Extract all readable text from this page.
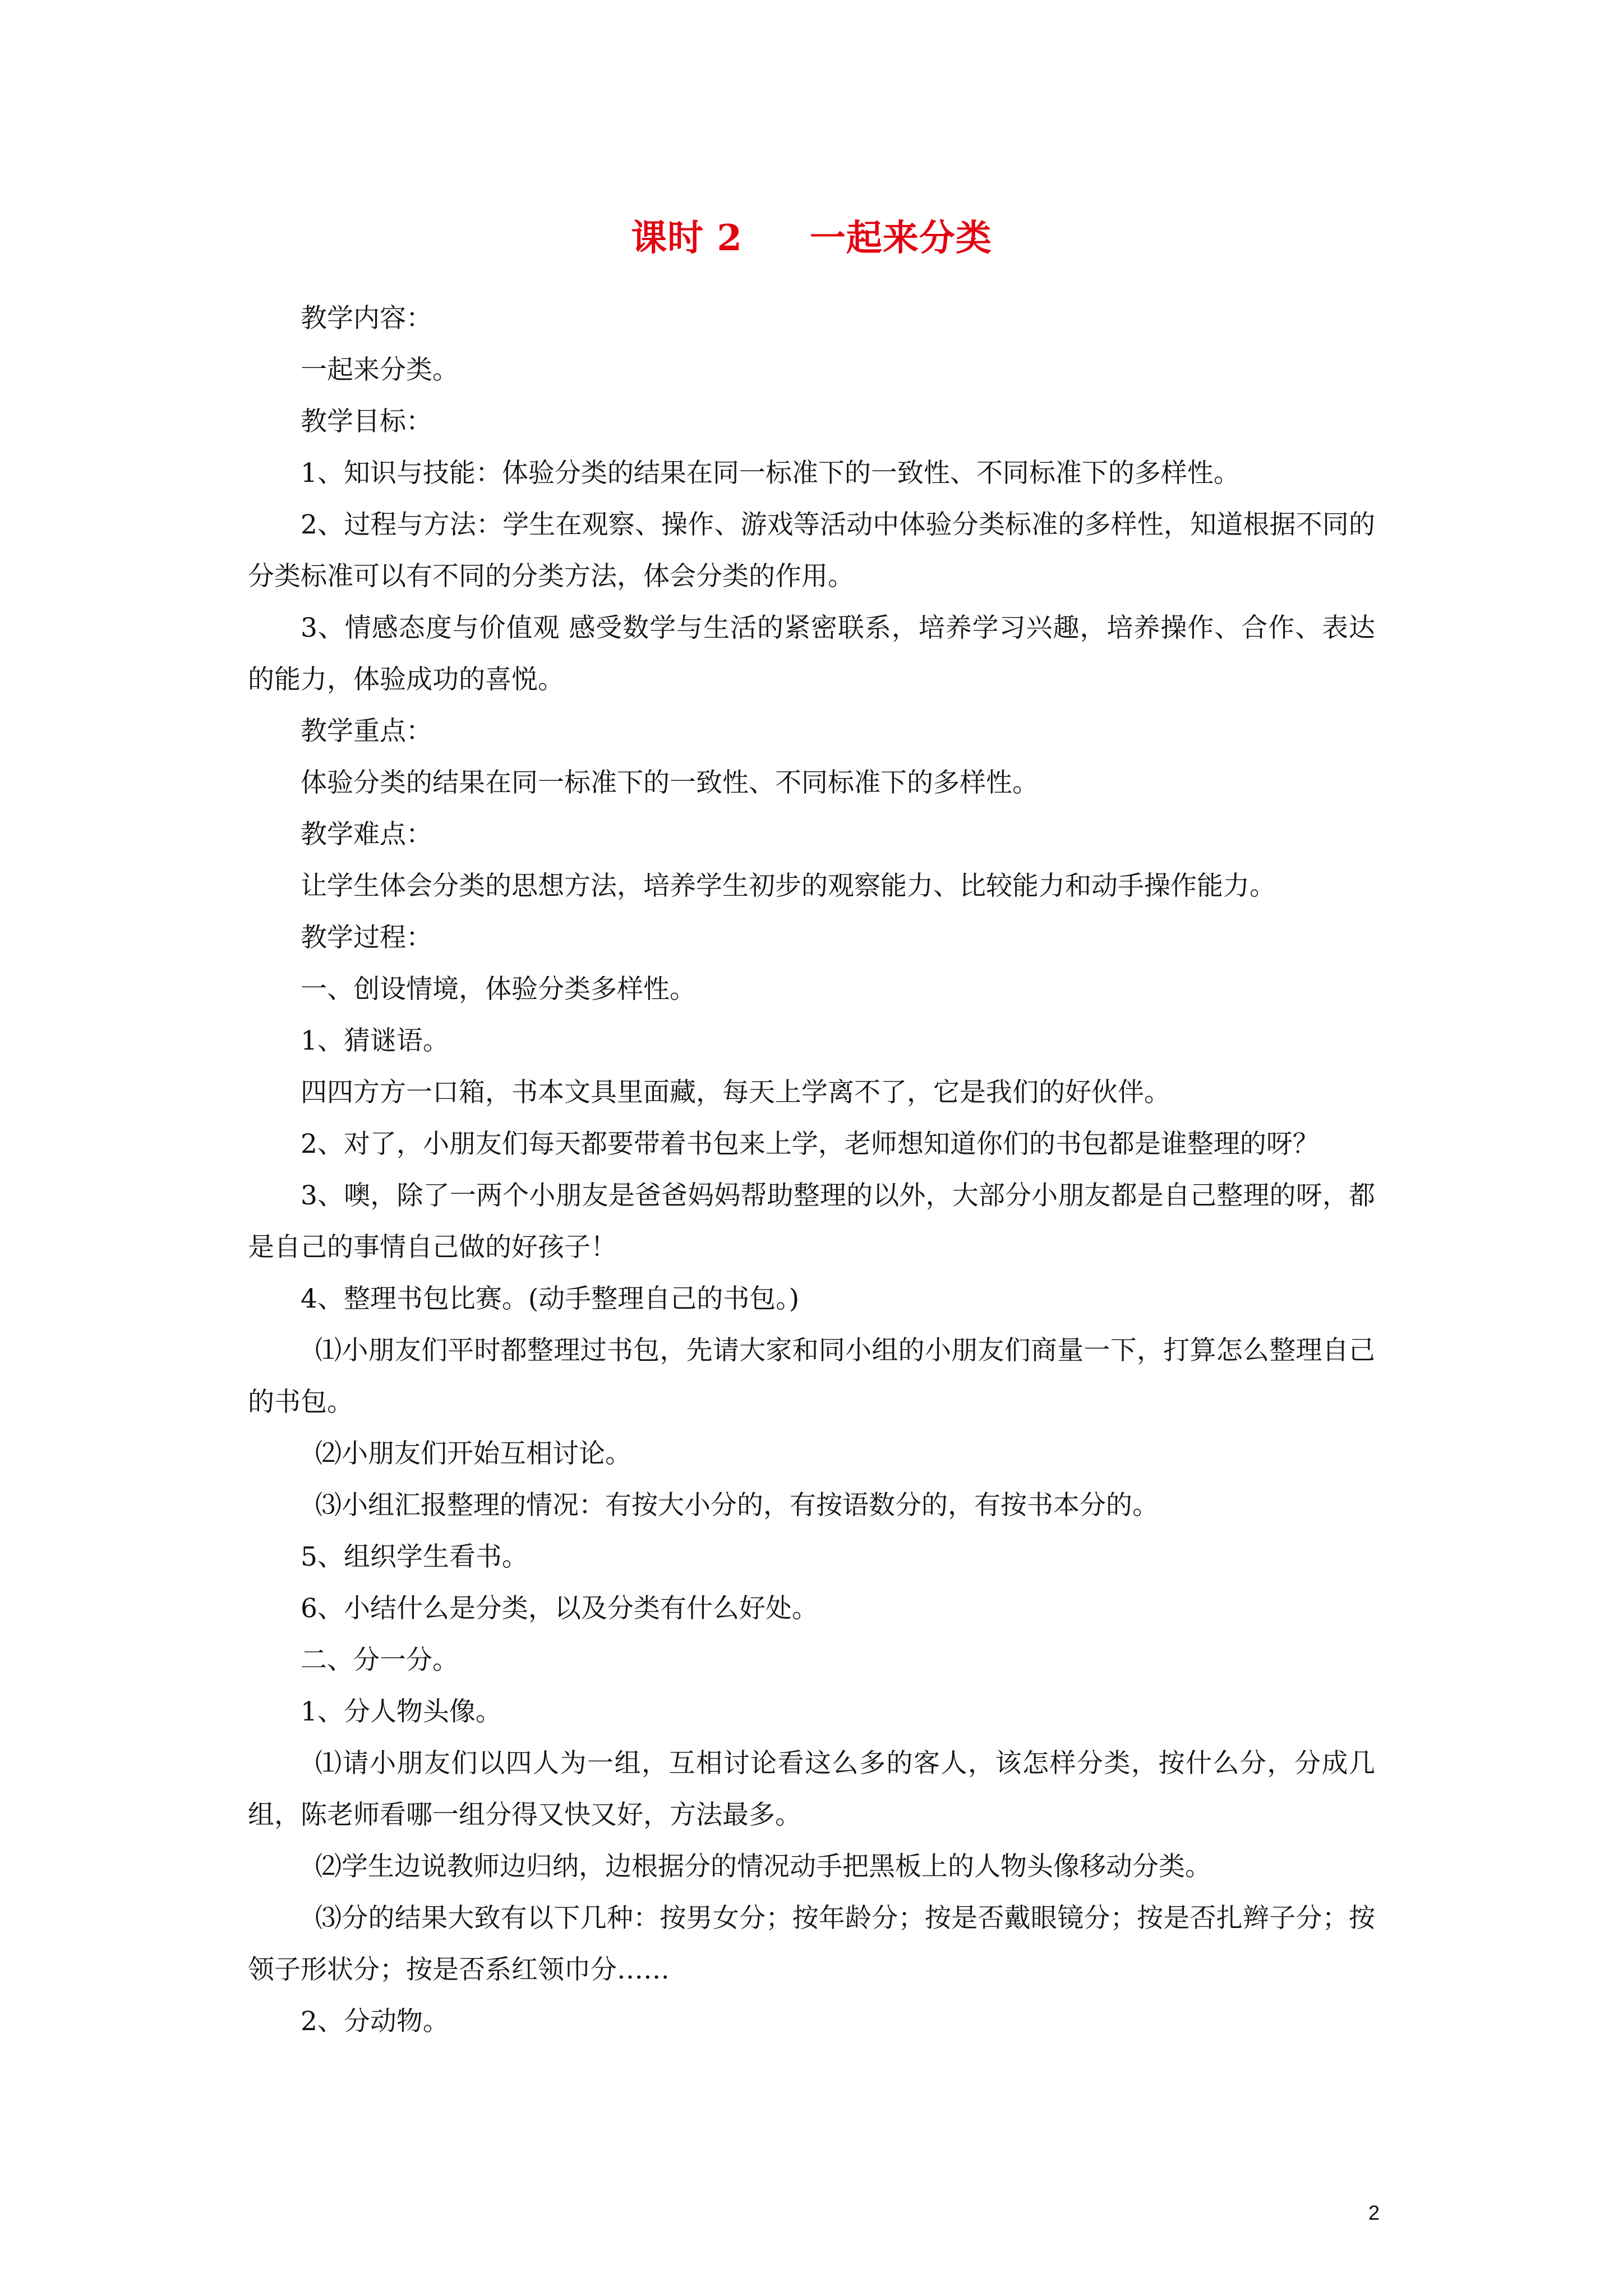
课时 2 一起来分类

教学内容：

一起来分类。

教学目标：

1、知识与技能：体验分类的结果在同一标准下的一致性、不同标准下的多样性。

2、过程与方法：学生在观察、操作、游戏等活动中体验分类标准的多样性，知道根据不同的分类标准可以有不同的分类方法，体会分类的作用。

3、情感态度与价值观 感受数学与生活的紧密联系，培养学习兴趣，培养操作、合作、表达的能力，体验成功的喜悦。

教学重点：

体验分类的结果在同一标准下的一致性、不同标准下的多样性。

教学难点：

让学生体会分类的思想方法，培养学生初步的观察能力、比较能力和动手操作能力。

教学过程：

一、创设情境，体验分类多样性。

1、猜谜语。

四四方方一口箱，书本文具里面藏，每天上学离不了，它是我们的好伙伴。

2、对了，小朋友们每天都要带着书包来上学，老师想知道你们的书包都是谁整理的呀？

3、噢，除了一两个小朋友是爸爸妈妈帮助整理的以外，大部分小朋友都是自己整理的呀，都是自己的事情自己做的好孩子！

4、整理书包比赛。(动手整理自己的书包。)

⑴小朋友们平时都整理过书包，先请大家和同小组的小朋友们商量一下，打算怎么整理自己的书包。

⑵小朋友们开始互相讨论。

⑶小组汇报整理的情况：有按大小分的，有按语数分的，有按书本分的。

5、组织学生看书。

6、小结什么是分类，以及分类有什么好处。

二、分一分。

1、分人物头像。

⑴请小朋友们以四人为一组，互相讨论看这么多的客人，该怎样分类，按什么分，分成几组，陈老师看哪一组分得又快又好，方法最多。

⑵学生边说教师边归纳，边根据分的情况动手把黑板上的人物头像移动分类。

⑶分的结果大致有以下几种：按男女分；按年龄分；按是否戴眼镜分；按是否扎辫子分；按领子形状分；按是否系红领巾分……

2、分动物。

2
